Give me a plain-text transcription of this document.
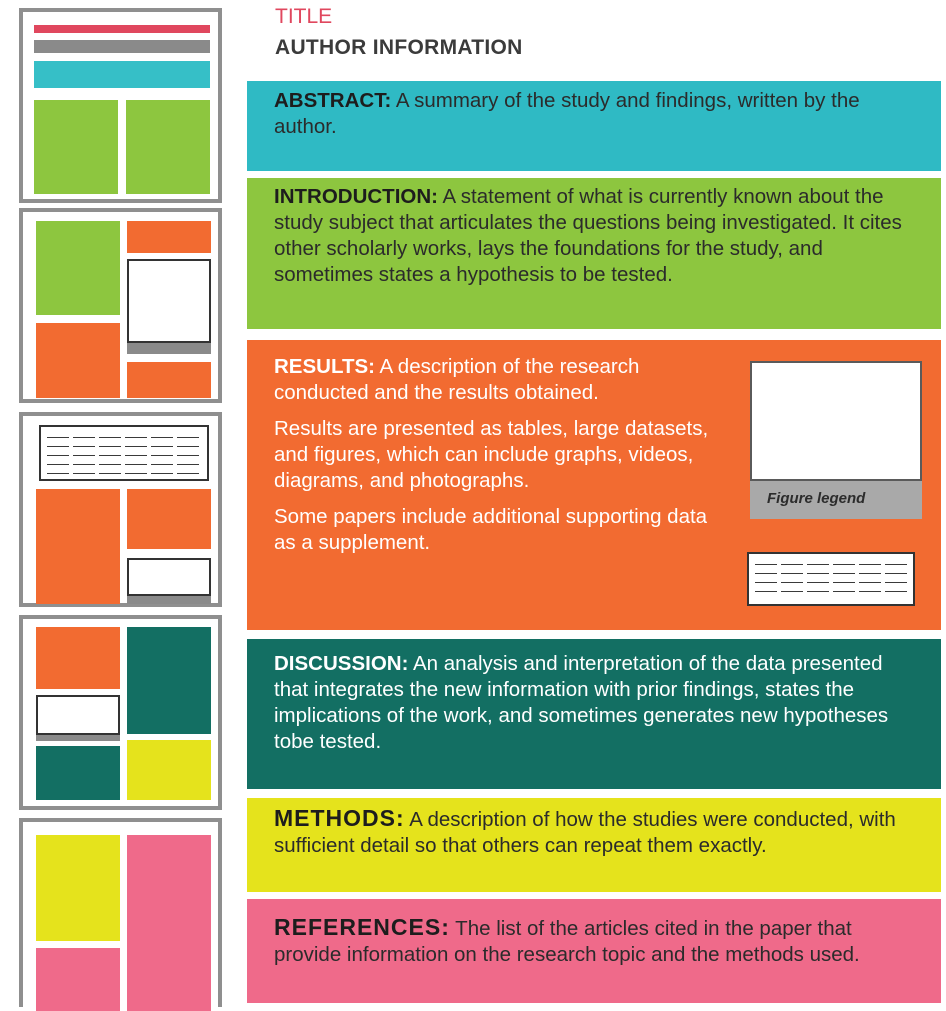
TITLE
AUTHOR INFORMATION
ABSTRACT: A summary of the study and findings, written by the author.
INTRODUCTION: A statement of what is currently known about the study subject that articulates the questions being investigated. It cites other scholarly works, lays the foundations for the study, and sometimes states a hypothesis to be tested.

RESULTS: A description of the research conducted and the results obtained.

Results are presented as tables, large datasets, and figures, which can include graphs, videos, diagrams, and photographs.

Some papers include additional supporting data as a supplement.

Figure legend
DISCUSSION: An analysis and interpretation of the data presented that integrates the new information with prior findings, states the implications of the work, and sometimes generates new hypotheses tobe tested.
METHODS: A description of how the studies were conducted, with sufficient detail so that others can repeat them exactly.
REFERENCES: The list of the articles cited in the paper that provide information on the research topic and the methods used.
